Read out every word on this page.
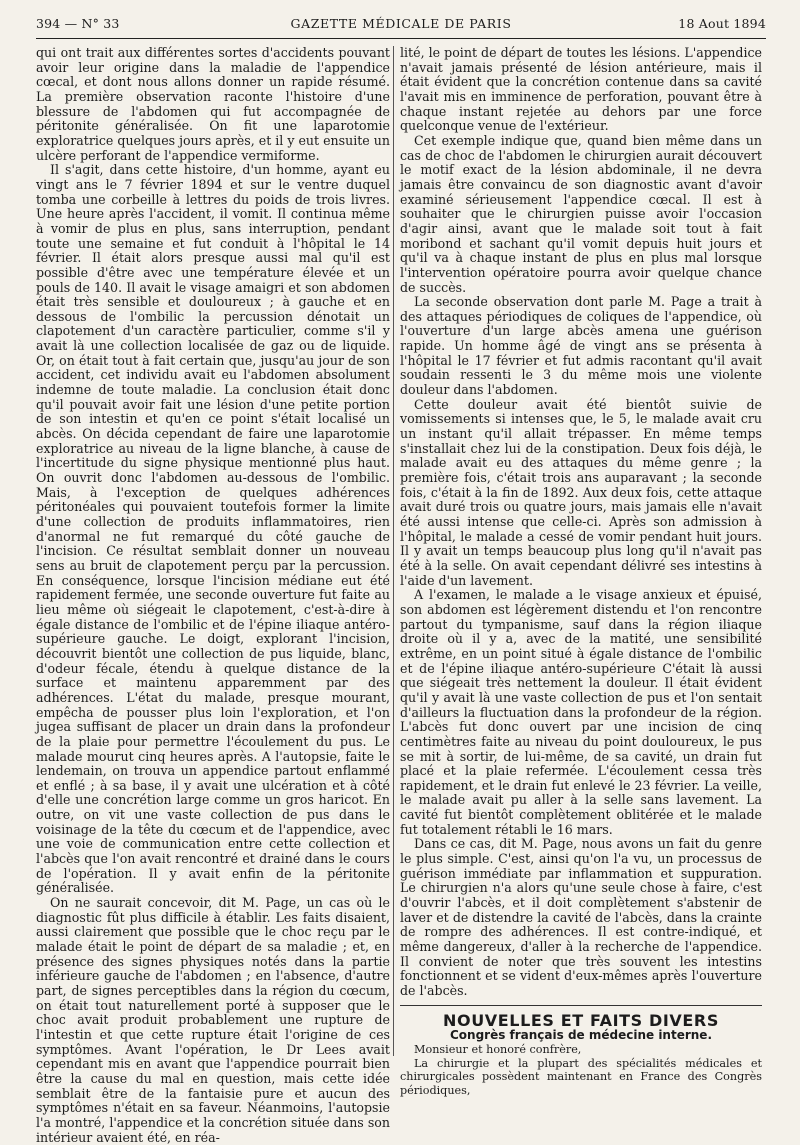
394 — N° 33	GAZETTE MÉDICALE DE PARIS	18 Aout 1894

qui ont trait aux différentes sortes d'accidents pouvant avoir leur origine dans la maladie de l'appendice cœcal, et dont nous allons donner un rapide résumé. La première observation raconte l'histoire d'une blessure de l'abdomen qui fut accompagnée de péritonite généralisée. On fit une laparotomie exploratrice quelques jours après, et il y eut ensuite un ulcère perforant de l'appendice vermiforme.

Il s'agit, dans cette histoire, d'un homme, ayant eu vingt ans le 7 février 1894 et sur le ventre duquel tomba une corbeille à lettres du poids de trois livres. Une heure après l'accident, il vomit. Il continua même à vomir de plus en plus, sans interruption, pendant toute une semaine et fut conduit à l'hôpital le 14 février. Il était alors presque aussi mal qu'il est possible d'être avec une température élevée et un pouls de 140. Il avait le visage amaigri et son abdomen était très sensible et douloureux ; à gauche et en dessous de l'ombilic la percussion dénotait un clapotement d'un caractère particulier, comme s'il y avait là une collection localisée de gaz ou de liquide. Or, on était tout à fait certain que, jusqu'au jour de son accident, cet individu avait eu l'abdomen absolument indemne de toute maladie. La conclusion était donc qu'il pouvait avoir fait une lésion d'une petite portion de son intestin et qu'en ce point s'était localisé un abcès. On décida cependant de faire une laparotomie exploratrice au niveau de la ligne blanche, à cause de l'incertitude du signe physique mentionné plus haut. On ouvrit donc l'abdomen au-dessous de l'ombilic. Mais, à l'exception de quelques adhérences péritonéales qui pouvaient toutefois former la limite d'une collection de produits inflammatoires, rien d'anormal ne fut remarqué du côté gauche de l'incision. Ce résultat semblait donner un nouveau sens au bruit de clapotement perçu par la percussion. En conséquence, lorsque l'incision médiane eut été rapidement fermée, une seconde ouverture fut faite au lieu même où siégeait le clapotement, c'est-à-dire à égale distance de l'ombilic et de l'épine iliaque antéro-supérieure gauche. Le doigt, explorant l'incision, découvrit bientôt une collection de pus liquide, blanc, d'odeur fécale, étendu à quelque distance de la surface et maintenu apparemment par des adhérences. L'état du malade, presque mourant, empêcha de pousser plus loin l'exploration, et l'on jugea suffisant de placer un drain dans la profondeur de la plaie pour permettre l'écoulement du pus. Le malade mourut cinq heures après. A l'autopsie, faite le lendemain, on trouva un appendice partout enflammé et enflé ; à sa base, il y avait une ulcération et à côté d'elle une concrétion large comme un gros haricot. En outre, on vit une vaste collection de pus dans le voisinage de la tête du cœcum et de l'appendice, avec une voie de communication entre cette collection et l'abcès que l'on avait rencontré et drainé dans le cours de l'opération. Il y avait enfin de la péritonite généralisée.

On ne saurait concevoir, dit M. Page, un cas où le diagnostic fût plus difficile à établir. Les faits disaient, aussi clairement que possible que le choc reçu par le malade était le point de départ de sa maladie ; et, en présence des signes physiques notés dans la partie inférieure gauche de l'abdomen ; en l'absence, d'autre part, de signes perceptibles dans la région du cœcum, on était tout naturellement porté à supposer que le choc avait produit probablement une rupture de l'intestin et que cette rupture était l'origine de ces symptômes. Avant l'opération, le Dr Lees avait cependant mis en avant que l'appendice pourrait bien être la cause du mal en question, mais cette idée semblait être de la fantaisie pure et aucun des symptômes n'était en sa faveur. Néanmoins, l'autopsie l'a montré, l'appendice et la concrétion située dans son intérieur avaient été, en réa-

lité, le point de départ de toutes les lésions. L'appendice n'avait jamais présenté de lésion antérieure, mais il était évident que la concrétion contenue dans sa cavité l'avait mis en imminence de perforation, pouvant être à chaque instant rejetée au dehors par une force quelconque venue de l'extérieur.

Cet exemple indique que, quand bien même dans un cas de choc de l'abdomen le chirurgien aurait découvert le motif exact de la lésion abdominale, il ne devra jamais être convaincu de son diagnostic avant d'avoir examiné sérieusement l'appendice cœcal. Il est à souhaiter que le chirurgien puisse avoir l'occasion d'agir ainsi, avant que le malade soit tout à fait moribond et sachant qu'il vomit depuis huit jours et qu'il va à chaque instant de plus en plus mal lorsque l'intervention opératoire pourra avoir quelque chance de succès.

La seconde observation dont parle M. Page a trait à des attaques périodiques de coliques de l'appendice, où l'ouverture d'un large abcès amena une guérison rapide. Un homme âgé de vingt ans se présenta à l'hôpital le 17 février et fut admis racontant qu'il avait soudain ressenti le 3 du même mois une violente douleur dans l'abdomen.

Cette douleur avait été bientôt suivie de vomissements si intenses que, le 5, le malade avait cru un instant qu'il allait trépasser. En même temps s'installait chez lui de la constipation. Deux fois déjà, le malade avait eu des attaques du même genre ; la première fois, c'était trois ans auparavant ; la seconde fois, c'était à la fin de 1892. Aux deux fois, cette attaque avait duré trois ou quatre jours, mais jamais elle n'avait été aussi intense que celle-ci. Après son admission à l'hôpital, le malade a cessé de vomir pendant huit jours. Il y avait un temps beaucoup plus long qu'il n'avait pas été à la selle. On avait cependant délivré ses intestins à l'aide d'un lavement.

A l'examen, le malade a le visage anxieux et épuisé, son abdomen est légèrement distendu et l'on rencontre partout du tympanisme, sauf dans la région iliaque droite où il y a, avec de la matité, une sensibilité extrême, en un point situé à égale distance de l'ombilic et de l'épine iliaque antéro-supérieure C'était là aussi que siégeait très nettement la douleur. Il était évident qu'il y avait là une vaste collection de pus et l'on sentait d'ailleurs la fluctuation dans la profondeur de la région. L'abcès fut donc ouvert par une incision de cinq centimètres faite au niveau du point douloureux, le pus se mit à sortir, de lui-même, de sa cavité, un drain fut placé et la plaie refermée. L'écoulement cessa très rapidement, et le drain fut enlevé le 23 février. La veille, le malade avait pu aller à la selle sans lavement. La cavité fut bientôt complètement oblitérée et le malade fut totalement rétabli le 16 mars.

Dans ce cas, dit M. Page, nous avons un fait du genre le plus simple. C'est, ainsi qu'on l'a vu, un processus de guérison immédiate par inflammation et suppuration. Le chirurgien n'a alors qu'une seule chose à faire, c'est d'ouvrir l'abcès, et il doit complètement s'abstenir de laver et de distendre la cavité de l'abcès, dans la crainte de rompre des adhérences. Il est contre-indiqué, et même dangereux, d'aller à la recherche de l'appendice. Il convient de noter que très souvent les intestins fonctionnent et se vident d'eux-mêmes après l'ouverture de l'abcès.

NOUVELLES ET FAITS DIVERS

Congrès français de médecine interne.

Monsieur et honoré confrère,

La chirurgie et la plupart des spécialités médicales et chirurgicales possèdent maintenant en France des Congrès périodiques,
